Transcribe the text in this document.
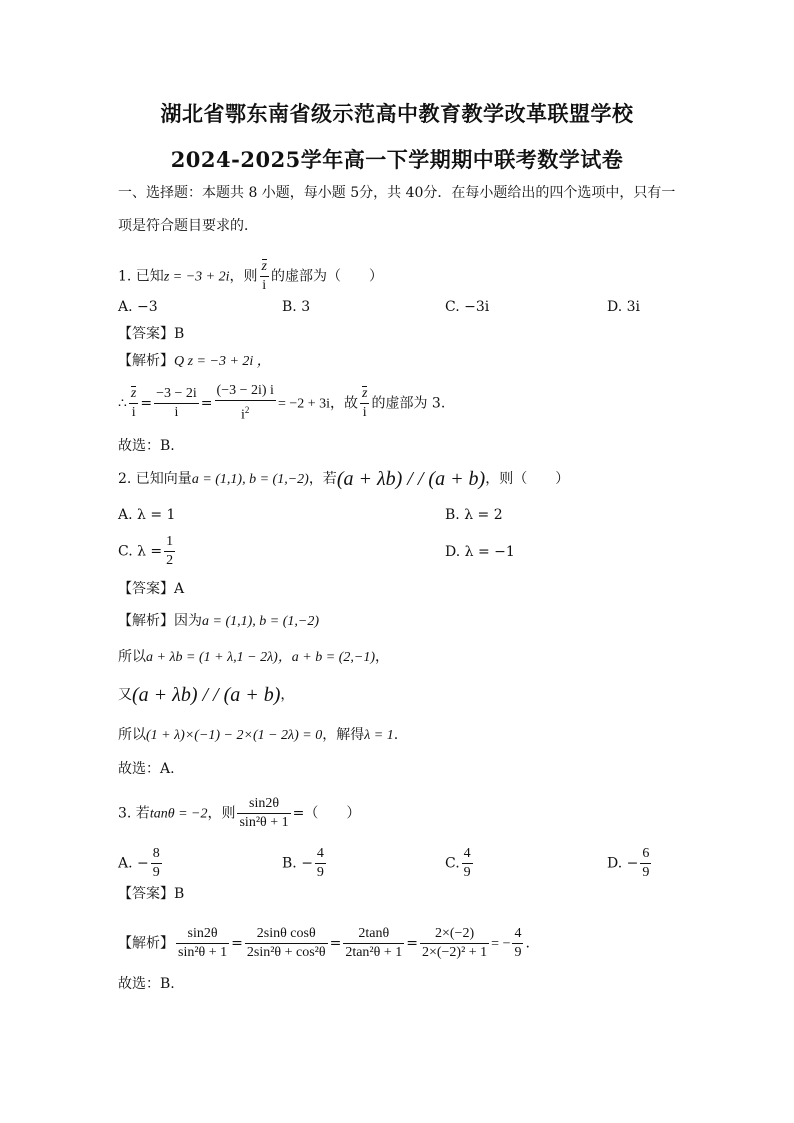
湖北省鄂东南省级示范高中教育教学改革联盟学校
2024-2025学年高一下学期期中联考数学试卷
一、选择题：本题共 8 小题，每小题 5分，共 40分．在每小题给出的四个选项中，只有一
项是符合题目要求的．
1. 已知z = −3 + 2i，则 $\frac{z}{i}$ 的虚部为（　　）
A. −3	B. 3	C. −3i	D. 3i
【答案】B
【解析】Q z = −3 + 2i ，
∴ $\frac{z}{i} = \frac{-3 - 2i}{i} = \frac{(-3 - 2i) i}{i^2} = -2 + 3i$，故 $\frac{z}{i}$ 的虚部为 3.
故选：B.
2. 已知向量a = (1,1), b = (1,−2)，若(a + λb) / / (a + b)，则（　　）
A. λ = 1	B. λ = 2
C. $\lambda = \frac{1}{2}$	D. λ = −1
【答案】A
【解析】因为a = (1,1), b = (1,−2)
所以a + λb = (1 + λ,1 − 2λ)，a + b = (2,−1)，
又(a + λb) / / (a + b)，
所以(1 + λ)×(−1) − 2×(1 − 2λ) = 0，解得λ = 1.
故选：A.
3. 若tanθ = −2，则 $\frac{\sin 2\theta}{\text{sin²θ + 1}}$ =（　　）
A. − $\frac{8}{9}$	B. − $\frac{4}{9}$	C. $\frac{4}{9}$	D. − $\frac{6}{9}$
【答案】B
【解析】 $\frac{\sin 2\theta}{\text{sin²θ + 1}} = \frac{\text{2sinθ cosθ}}{\text{2sin²θ + cos²θ}} = \frac{2\tan\theta}{\text{2tan²θ + 1}} = \frac{2\times(-2)}{\text{2×(−2)² + 1}}$ = − $\frac{4}{9}$ .
故选：B.
